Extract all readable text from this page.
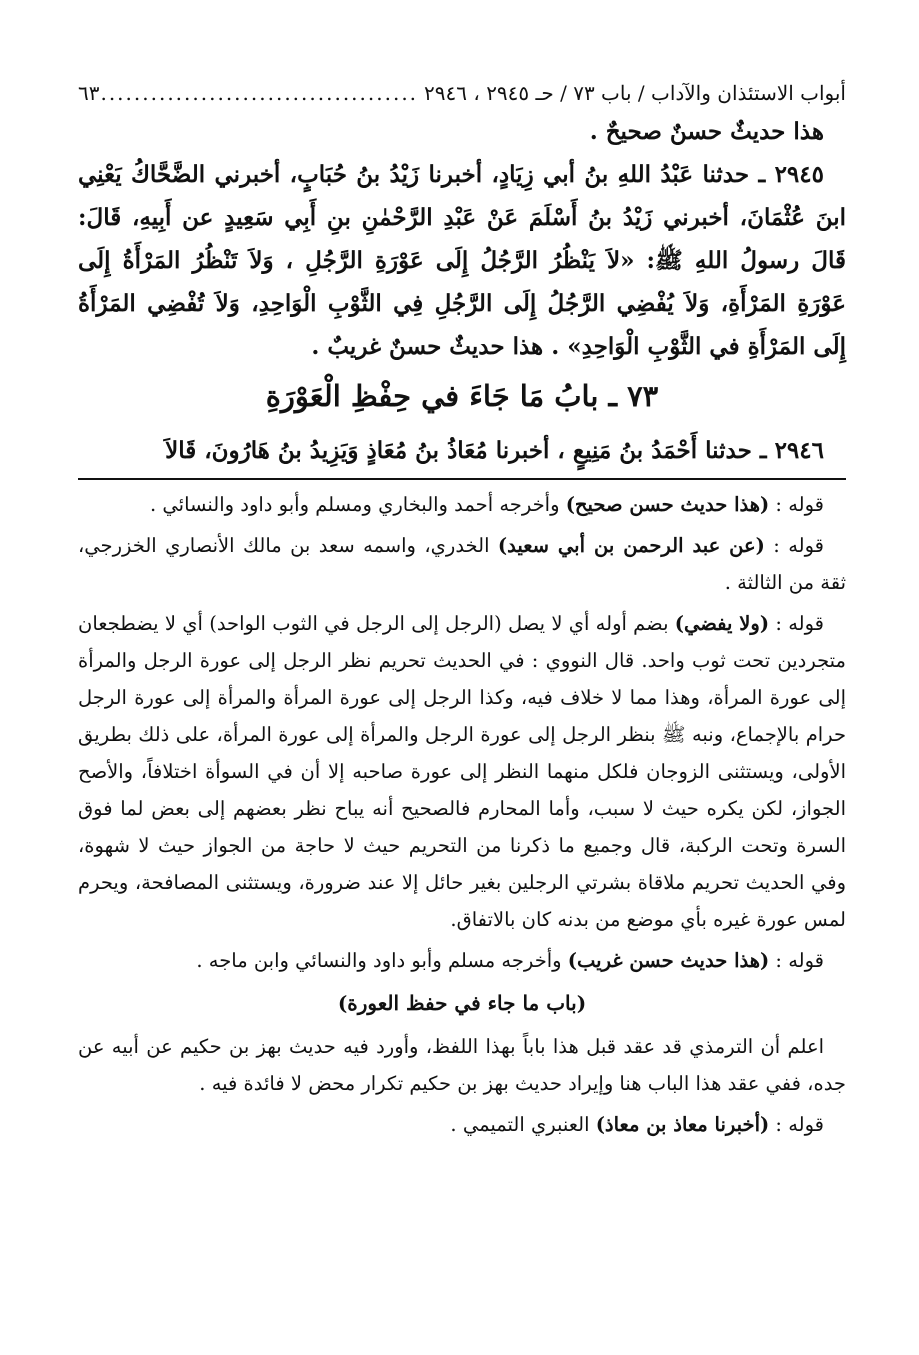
أبواب الاستئذان والآداب / باب ٧٣ / حـ ٢٩٤٥ ، ٢٩٤٦
.....
٦٣

هذا حديثٌ حسنٌ صحيحٌ .

٢٩٤٥ ـ حدثنا عَبْدُ اللهِ بنُ أبي زِيَادٍ، أخبرنا زَيْدُ بنُ حُبَابٍ، أخبرني الضَّحَّاكُ يَعْنِي ابنَ عُثْمَانَ، أخبرني زَيْدُ بنُ أَسْلَمَ عَنْ عَبْدِ الرَّحْمٰنِ بنِ أَبِي سَعِيدٍ عن أَبِيهِ، قَالَ: قَالَ رسولُ اللهِ ﷺ: «لاَ يَنْظُرُ الرَّجُلُ إِلَى عَوْرَةِ الرَّجُلِ ، وَلاَ تَنْظُرُ المَرْأَةُ إِلَى عَوْرَةِ المَرْأَةِ، وَلاَ يُفْضِي الرَّجُلُ إِلَى الرَّجُلِ فِي الثَّوْبِ الْوَاحِدِ، وَلاَ تُفْضِي المَرْأَةُ إِلَى المَرْأَةِ في الثَّوْبِ الْوَاحِدِ» . هذا حديثٌ حسنٌ غريبٌ .

٧٣ ـ بابُ مَا جَاءَ في حِفْظِ الْعَوْرَةِ
٢٩٤٦ ـ حدثنا أَحْمَدُ بنُ مَنِيعٍ ، أخبرنا مُعَاذُ بنُ مُعَاذٍ وَيَزِيدُ بنُ هَارُونَ، قَالاَ

قوله : (هذا حديث حسن صحيح) وأخرجه أحمد والبخاري ومسلم وأبو داود والنسائي .

قوله : (عن عبد الرحمن بن أبي سعيد) الخدري، واسمه سعد بن مالك الأنصاري الخزرجي، ثقة من الثالثة .

قوله : (ولا يفضي) بضم أوله أي لا يصل (الرجل إلى الرجل في الثوب الواحد) أي لا يضطجعان متجردين تحت ثوب واحد. قال النووي : في الحديث تحريم نظر الرجل إلى عورة الرجل والمرأة إلى عورة المرأة، وهذا مما لا خلاف فيه، وكذا الرجل إلى عورة المرأة والمرأة إلى عورة الرجل حرام بالإجماع، ونبه ﷺ بنظر الرجل إلى عورة الرجل والمرأة إلى عورة المرأة، على ذلك بطريق الأولى، ويستثنى الزوجان فلكل منهما النظر إلى عورة صاحبه إلا أن في السوأة اختلافاً، والأصح الجواز، لكن يكره حيث لا سبب، وأما المحارم فالصحيح أنه يباح نظر بعضهم إلى بعض لما فوق السرة وتحت الركبة، قال وجميع ما ذكرنا من التحريم حيث لا حاجة من الجواز حيث لا شهوة، وفي الحديث تحريم ملاقاة بشرتي الرجلين بغير حائل إلا عند ضرورة، ويستثنى المصافحة، ويحرم لمس عورة غيره بأي موضع من بدنه كان بالاتفاق.

قوله : (هذا حديث حسن غريب) وأخرجه مسلم وأبو داود والنسائي وابن ماجه .

(باب ما جاء في حفظ العورة)

اعلم أن الترمذي قد عقد قبل هذا باباً بهذا اللفظ، وأورد فيه حديث بهز بن حكيم عن أبيه عن جده، ففي عقد هذا الباب هنا وإيراد حديث بهز بن حكيم تكرار محض لا فائدة فيه .

قوله : (أخبرنا معاذ بن معاذ) العنبري التميمي .
